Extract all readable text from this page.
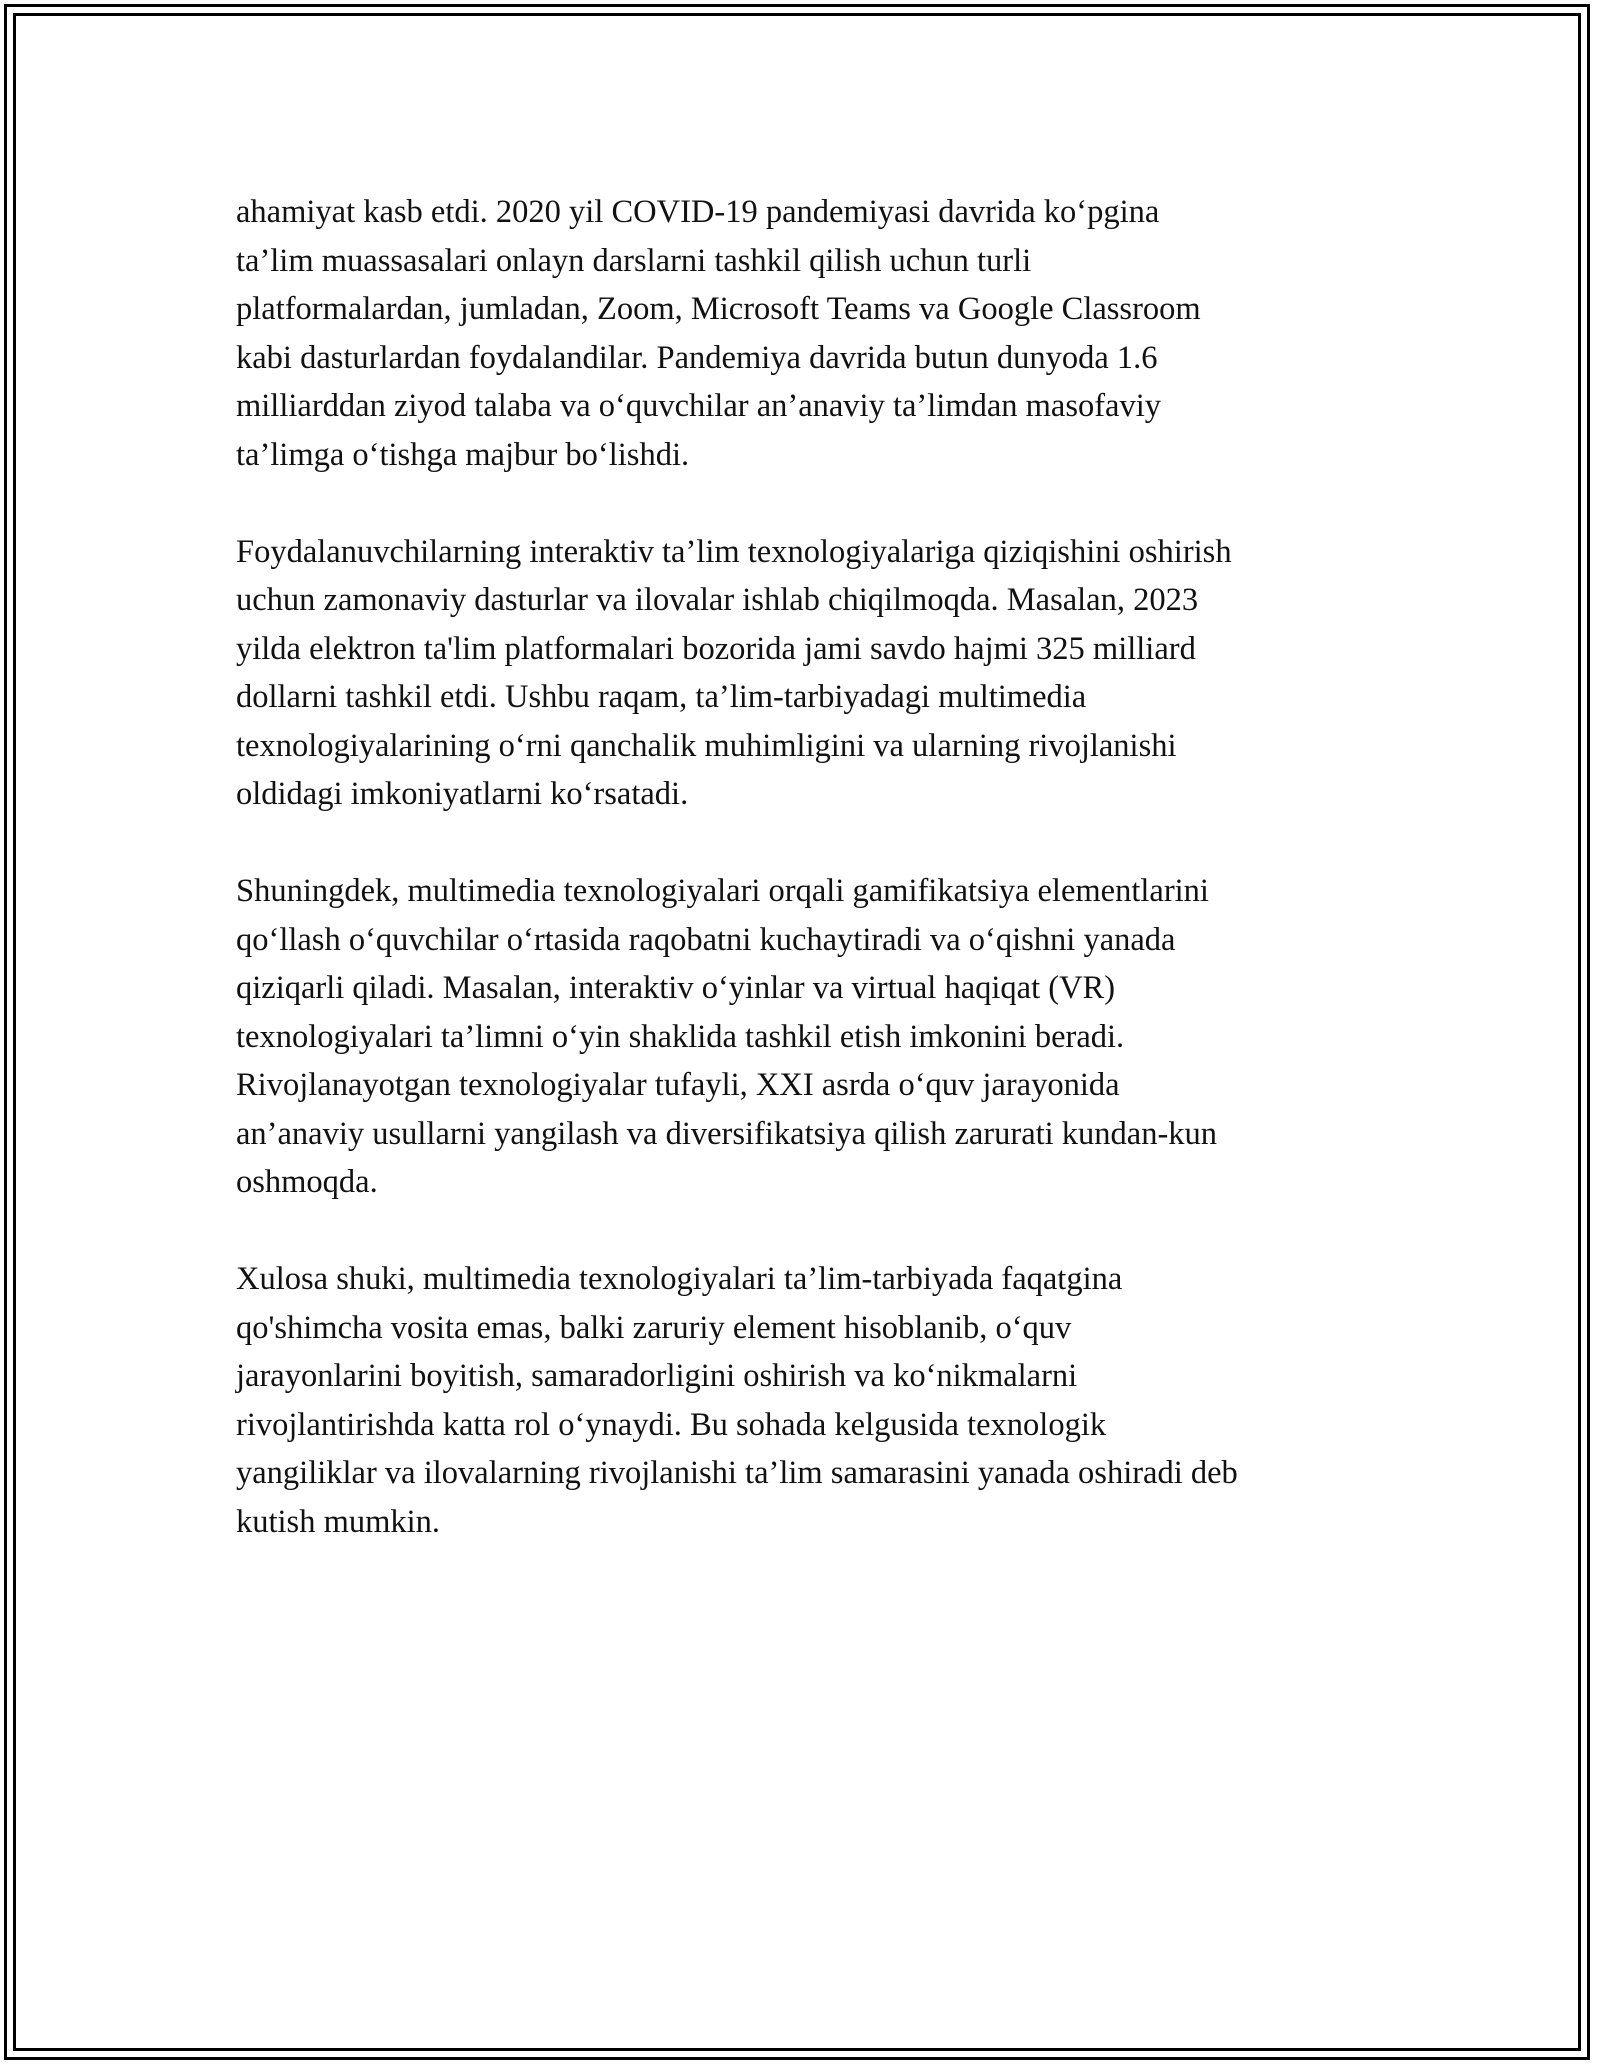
ahamiyat kasb etdi. 2020 yil COVID-19 pandemiyasi davrida koʻpgina
ta’lim muassasalari onlayn darslarni tashkil qilish uchun turli
platformalardan, jumladan, Zoom, Microsoft Teams va Google Classroom
kabi dasturlardan foydalandilar. Pandemiya davrida butun dunyoda 1.6
milliarddan ziyod talaba va oʻquvchilar an’anaviy ta’limdan masofaviy
ta’limga oʻtishga majbur boʻlishdi.

Foydalanuvchilarning interaktiv ta’lim texnologiyalariga qiziqishini oshirish
uchun zamonaviy dasturlar va ilovalar ishlab chiqilmoqda. Masalan, 2023
yilda elektron ta'lim platformalari bozorida jami savdo hajmi 325 milliard
dollarni tashkil etdi. Ushbu raqam, ta’lim-tarbiyadagi multimedia
texnologiyalarining oʻrni qanchalik muhimligini va ularning rivojlanishi
oldidagi imkoniyatlarni koʻrsatadi.

Shuningdek, multimedia texnologiyalari orqali gamifikatsiya elementlarini
qoʻllash oʻquvchilar oʻrtasida raqobatni kuchaytiradi va oʻqishni yanada
qiziqarli qiladi. Masalan, interaktiv oʻyinlar va virtual haqiqat (VR)
texnologiyalari ta’limni oʻyin shaklida tashkil etish imkonini beradi.
Rivojlanayotgan texnologiyalar tufayli, XXI asrda oʻquv jarayonida
an’anaviy usullarni yangilash va diversifikatsiya qilish zarurati kundan-kun
oshmoqda.

Xulosa shuki, multimedia texnologiyalari ta’lim-tarbiyada faqatgina
qo'shimcha vosita emas, balki zaruriy element hisoblanib, oʻquv
jarayonlarini boyitish, samaradorligini oshirish va koʻnikmalarni
rivojlantirishda katta rol oʻynaydi. Bu sohada kelgusida texnologik
yangiliklar va ilovalarning rivojlanishi ta’lim samarasini yanada oshiradi deb
kutish mumkin.
